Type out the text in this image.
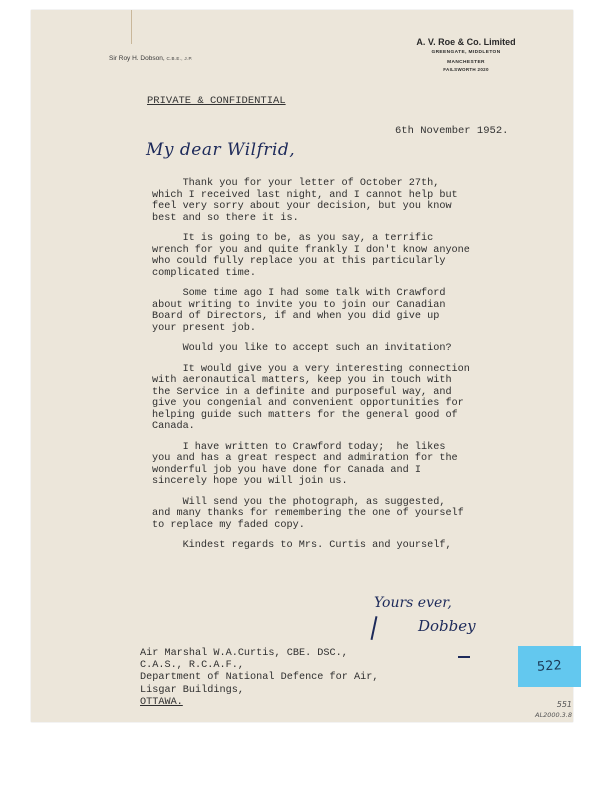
Sir Roy H. Dobson, C.B.E., J.P.
A. V. Roe & Co. Limited
GREENGATE, MIDDLETON
MANCHESTER
FAILSWORTH 2020
PRIVATE & CONFIDENTIAL
6th November 1952.
My dear Wilfrid,

Thank you for your letter of October 27th,
which I received last night, and I cannot help but
feel very sorry about your decision, but you know
best and so there it is.

It is going to be, as you say, a terrific
wrench for you and quite frankly I don't know anyone
who could fully replace you at this particularly
complicated time.

Some time ago I had some talk with Crawford
about writing to invite you to join our Canadian
Board of Directors, if and when you did give up
your present job.

Would you like to accept such an invitation?

It would give you a very interesting connection
with aeronautical matters, keep you in touch with
the Service in a definite and purposeful way, and
give you congenial and convenient opportunities for
helping guide such matters for the general good of
Canada.

I have written to Crawford today;  he likes
you and has a great respect and admiration for the
wonderful job you have done for Canada and I
sincerely hope you will join us.

Will send you the photograph, as suggested,
and many thanks for remembering the one of yourself
to replace my faded copy.

Kindest regards to Mrs. Curtis and yourself,

Yours ever,
Dobbey
Air Marshal W.A.Curtis, CBE. DSC.,
C.A.S., R.C.A.F.,
Department of National Defence for Air,
Lisgar Buildings,
OTTAWA.
522
551
AL2000.3.8
